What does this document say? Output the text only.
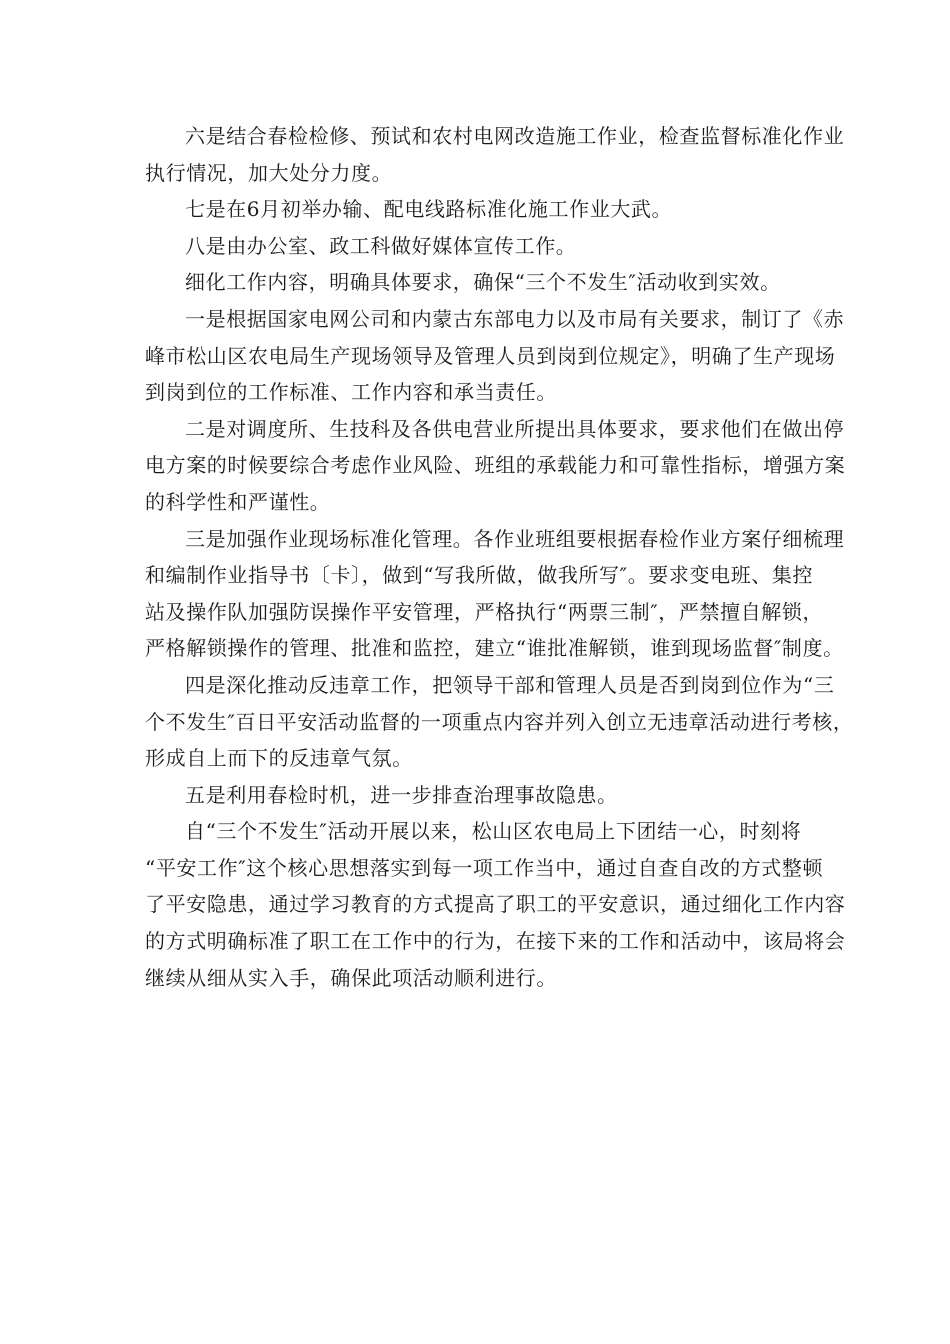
六是结合春检检修、预试和农村电网改造施工作业，检查监督标准化作业
执行情况，加大处分力度。
七是在6月初举办输、配电线路标准化施工作业大武。
八是由办公室、政工科做好媒体宣传工作。
细化工作内容，明确具体要求，确保“三个不发生″活动收到实效。
一是根据国家电网公司和内蒙古东部电力以及市局有关要求，制订了《赤
峰市松山区农电局生产现场领导及管理人员到岗到位规定》，明确了生产现场
到岗到位的工作标准、工作内容和承当责任。
二是对调度所、生技科及各供电营业所提出具体要求，要求他们在做出停
电方案的时候要综合考虑作业风险、班组的承载能力和可靠性指标，增强方案
的科学性和严谨性。
三是加强作业现场标准化管理。各作业班组要根据春检作业方案仔细梳理
和编制作业指导书〔卡〕，做到“写我所做，做我所写″。要求变电班、集控
站及操作队加强防误操作平安管理，严格执行“两票三制″，严禁擅自解锁，
严格解锁操作的管理、批准和监控，建立“谁批准解锁，谁到现场监督″制度。
四是深化推动反违章工作，把领导干部和管理人员是否到岗到位作为“三
个不发生″百日平安活动监督的一项重点内容并列入创立无违章活动进行考核，
形成自上而下的反违章气氛。
五是利用春检时机，进一步排查治理事故隐患。
自“三个不发生″活动开展以来，松山区农电局上下团结一心，时刻将
“平安工作″这个核心思想落实到每一项工作当中，通过自查自改的方式整顿
了平安隐患，通过学习教育的方式提高了职工的平安意识，通过细化工作内容
的方式明确标准了职工在工作中的行为，在接下来的工作和活动中，该局将会
继续从细从实入手，确保此项活动顺利进行。
